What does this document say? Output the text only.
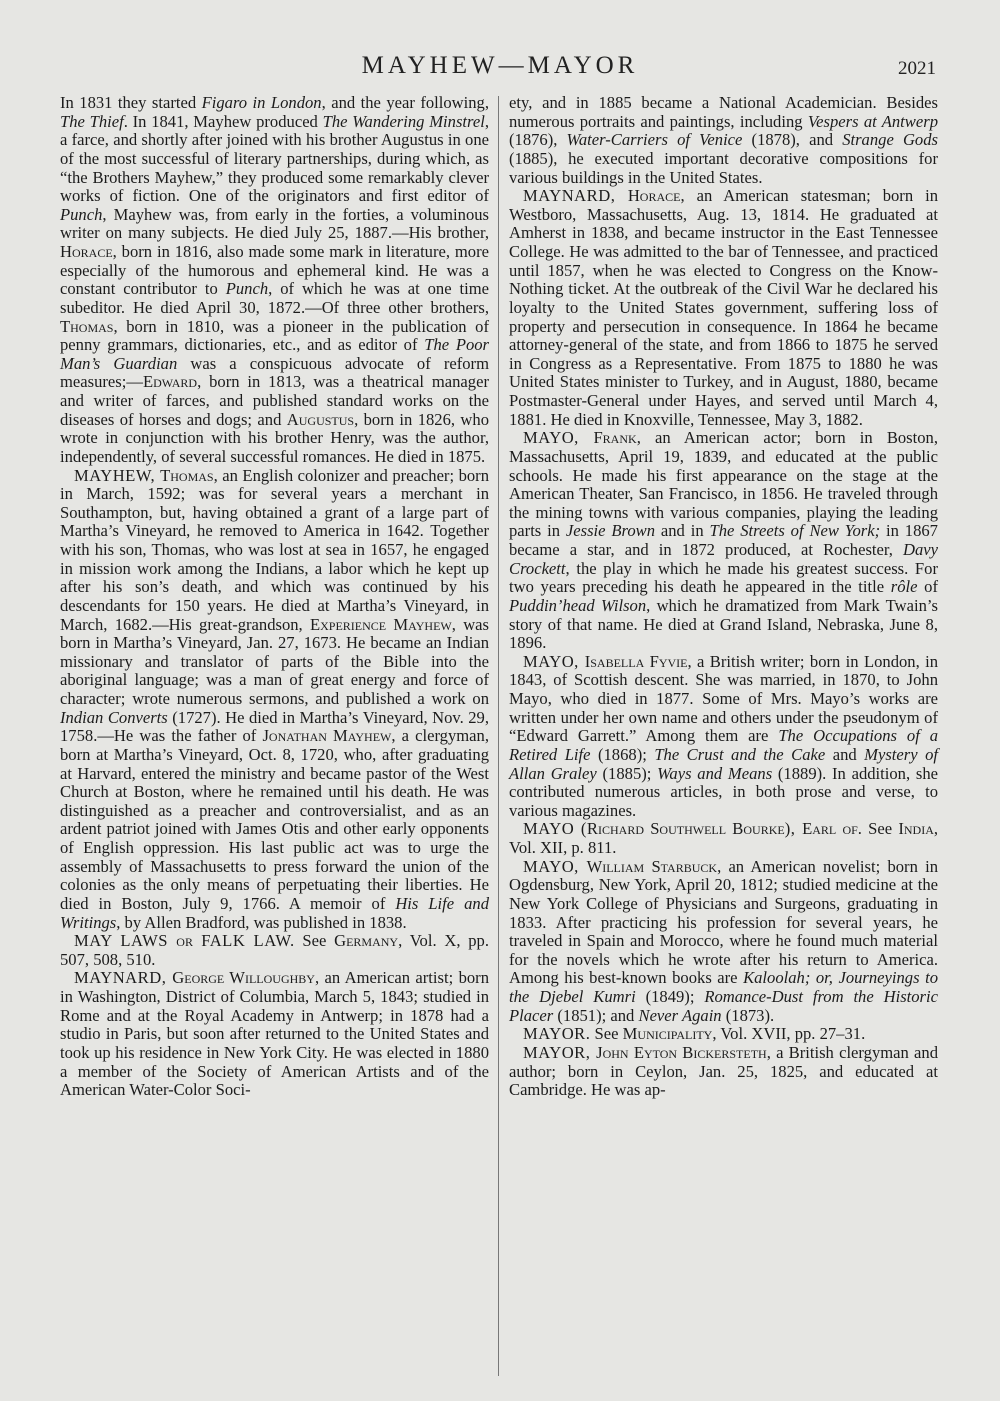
MAYHEW—MAYOR	2021

In 1831 they started Figaro in London, and the year following, The Thief. In 1841, Mayhew produced The Wandering Minstrel, a farce, and shortly after joined with his brother Augustus in one of the most successful of literary partnerships, during which, as “the Brothers Mayhew,” they produced some remarkably clever works of fiction. One of the originators and first editor of Punch, Mayhew was, from early in the forties, a voluminous writer on many subjects. He died July 25, 1887.—His brother, Horace, born in 1816, also made some mark in literature, more especially of the humorous and ephemeral kind. He was a constant contributor to Punch, of which he was at one time subeditor. He died April 30, 1872.—Of three other brothers, Thomas, born in 1810, was a pioneer in the publication of penny grammars, dictionaries, etc., and as editor of The Poor Man’s Guardian was a conspicuous advocate of reform measures;—Edward, born in 1813, was a theatrical manager and writer of farces, and published standard works on the diseases of horses and dogs; and Augustus, born in 1826, who wrote in conjunction with his brother Henry, was the author, independently, of several successful romances. He died in 1875.

MAYHEW, Thomas, an English colonizer and preacher; born in March, 1592; was for several years a merchant in Southampton, but, having obtained a grant of a large part of Martha’s Vineyard, he removed to America in 1642. Together with his son, Thomas, who was lost at sea in 1657, he engaged in mission work among the Indians, a labor which he kept up after his son’s death, and which was continued by his descendants for 150 years. He died at Martha’s Vineyard, in March, 1682.—His great-grandson, Experience Mayhew, was born in Martha’s Vineyard, Jan. 27, 1673. He became an Indian missionary and translator of parts of the Bible into the aboriginal language; was a man of great energy and force of character; wrote numerous sermons, and published a work on Indian Converts (1727). He died in Martha’s Vineyard, Nov. 29, 1758.—He was the father of Jonathan Mayhew, a clergyman, born at Martha’s Vineyard, Oct. 8, 1720, who, after graduating at Harvard, entered the ministry and became pastor of the West Church at Boston, where he remained until his death. He was distinguished as a preacher and controversialist, and as an ardent patriot joined with James Otis and other early opponents of English oppression. His last public act was to urge the assembly of Massachusetts to press forward the union of the colonies as the only means of perpetuating their liberties. He died in Boston, July 9, 1766. A memoir of His Life and Writings, by Allen Bradford, was published in 1838.

MAY LAWS or FALK LAW. See Germany, Vol. X, pp. 507, 508, 510.

MAYNARD, George Willoughby, an American artist; born in Washington, District of Columbia, March 5, 1843; studied in Rome and at the Royal Academy in Antwerp; in 1878 had a studio in Paris, but soon after returned to the United States and took up his residence in New York City. He was elected in 1880 a member of the Society of American Artists and of the American Water-Color Soci-

ety, and in 1885 became a National Academician. Besides numerous portraits and paintings, including Vespers at Antwerp (1876), Water-Carriers of Venice (1878), and Strange Gods (1885), he executed important decorative compositions for various buildings in the United States.

MAYNARD, Horace, an American statesman; born in Westboro, Massachusetts, Aug. 13, 1814. He graduated at Amherst in 1838, and became instructor in the East Tennessee College. He was admitted to the bar of Tennessee, and practiced until 1857, when he was elected to Congress on the Know-Nothing ticket. At the outbreak of the Civil War he declared his loyalty to the United States government, suffering loss of property and persecution in consequence. In 1864 he became attorney-general of the state, and from 1866 to 1875 he served in Congress as a Representative. From 1875 to 1880 he was United States minister to Turkey, and in August, 1880, became Postmaster-General under Hayes, and served until March 4, 1881. He died in Knoxville, Tennessee, May 3, 1882.

MAYO, Frank, an American actor; born in Boston, Massachusetts, April 19, 1839, and educated at the public schools. He made his first appearance on the stage at the American Theater, San Francisco, in 1856. He traveled through the mining towns with various companies, playing the leading parts in Jessie Brown and in The Streets of New York; in 1867 became a star, and in 1872 produced, at Rochester, Davy Crockett, the play in which he made his greatest success. For two years preceding his death he appeared in the title rôle of Puddin’head Wilson, which he dramatized from Mark Twain’s story of that name. He died at Grand Island, Nebraska, June 8, 1896.

MAYO, Isabella Fyvie, a British writer; born in London, in 1843, of Scottish descent. She was married, in 1870, to John Mayo, who died in 1877. Some of Mrs. Mayo’s works are written under her own name and others under the pseudonym of “Edward Garrett.” Among them are The Occupations of a Retired Life (1868); The Crust and the Cake and Mystery of Allan Graley (1885); Ways and Means (1889). In addition, she contributed numerous articles, in both prose and verse, to various magazines.

MAYO (Richard Southwell Bourke), Earl of. See India, Vol. XII, p. 811.

MAYO, William Starbuck, an American novelist; born in Ogdensburg, New York, April 20, 1812; studied medicine at the New York College of Physicians and Surgeons, graduating in 1833. After practicing his profession for several years, he traveled in Spain and Morocco, where he found much material for the novels which he wrote after his return to America. Among his best-known books are Kaloolah; or, Journeyings to the Djebel Kumri (1849); Romance-Dust from the Historic Placer (1851); and Never Again (1873).

MAYOR. See Municipality, Vol. XVII, pp. 27–31.

MAYOR, John Eyton Bickersteth, a British clergyman and author; born in Ceylon, Jan. 25, 1825, and educated at Cambridge. He was ap-
